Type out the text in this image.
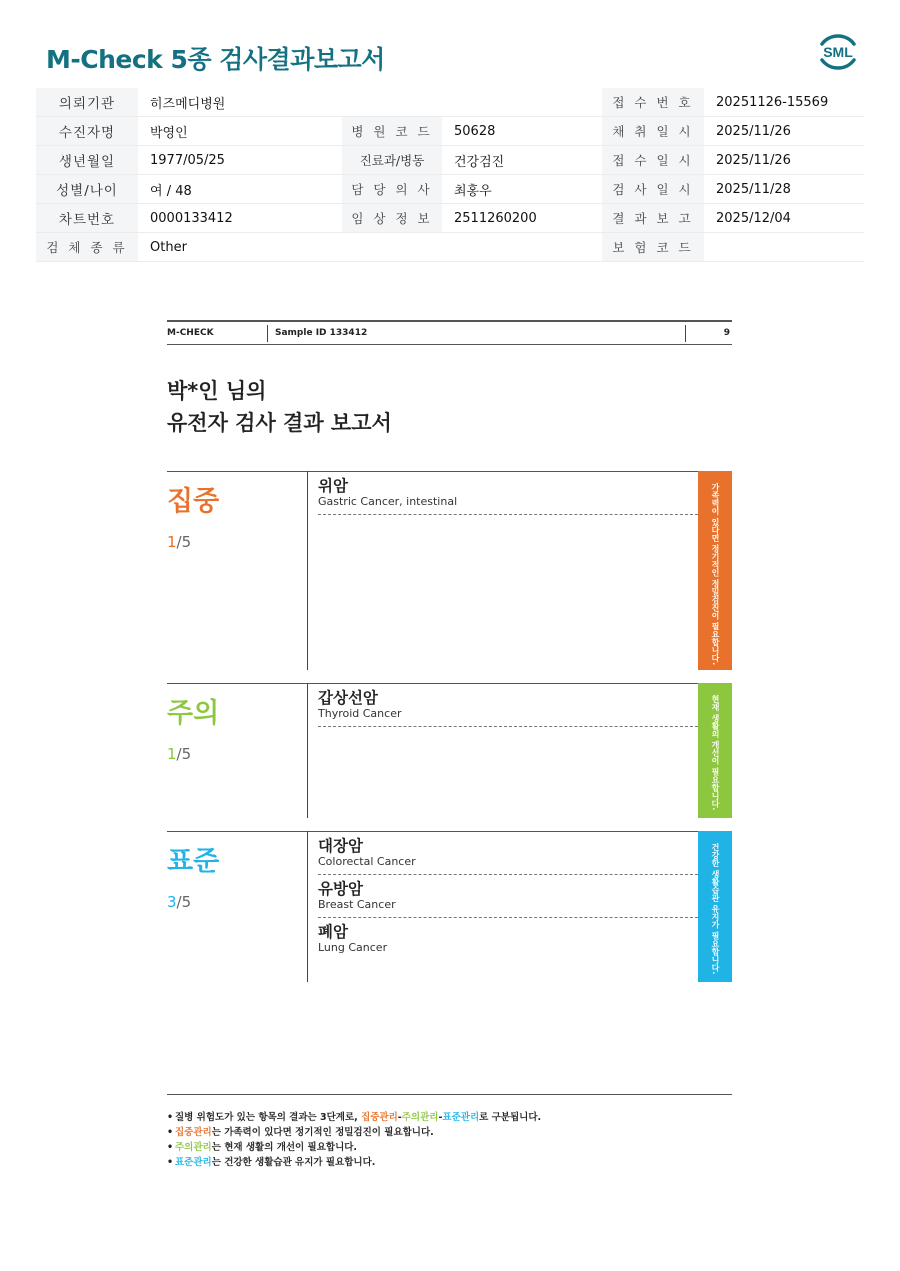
M-Check 5종 검사결과보고서	SML
의뢰기관	히즈메디병원			접 수 번 호	20251126-15569
수진자명	박영인	병 원 코 드	50628	채 취 일 시	2025/11/26
생년월일	1977/05/25	진료과/병동	건강검진	접 수 일 시	2025/11/26
성별/나이	여 / 48	담 당 의 사	최홍우	검 사 일 시	2025/11/28
차트번호	0000133412	임 상 정 보	2511260200	결 과 보 고	2025/12/04
검 체 종 류	Other			보 험 코 드	
M-CHECK	Sample ID 133412	9
박*인 님의
유전자 검사 결과 보고서
집중
1/5
위암
Gastric Cancer, intestinal	가족력이 있다면 정기적인 정밀검진이 필요합니다.
주의
1/5
갑상선암
Thyroid Cancer	현재 생활의 개선이 필요합니다.
표준
3/5
대장암
Colorectal Cancer
유방암
Breast Cancer
폐암
Lung Cancer	건강한 생활습관 유지가 필요합니다.
• 질병 위험도가 있는 항목의 결과는 3단계로, 집중관리-주의관리-표준관리로 구분됩니다.
• 집중관리는 가족력이 있다면 정기적인 정밀검진이 필요합니다.
• 주의관리는 현재 생활의 개선이 필요합니다.
• 표준관리는 건강한 생활습관 유지가 필요합니다.
